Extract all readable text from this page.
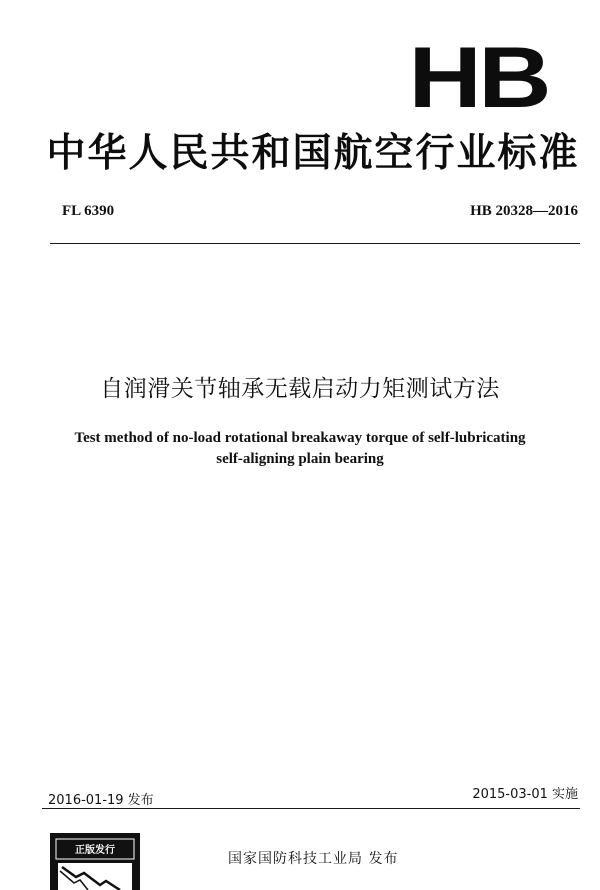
HB
中华人民共和国航空行业标准
FL 6390	HB 20328—2016
自润滑关节轴承无载启动力矩测试方法
Test method of no-load rotational breakaway torque of self-lubricating
self-aligning plain bearing
2016-01-19 发布	2015-03-01 实施
正版发行
国家国防科技工业局 发布
